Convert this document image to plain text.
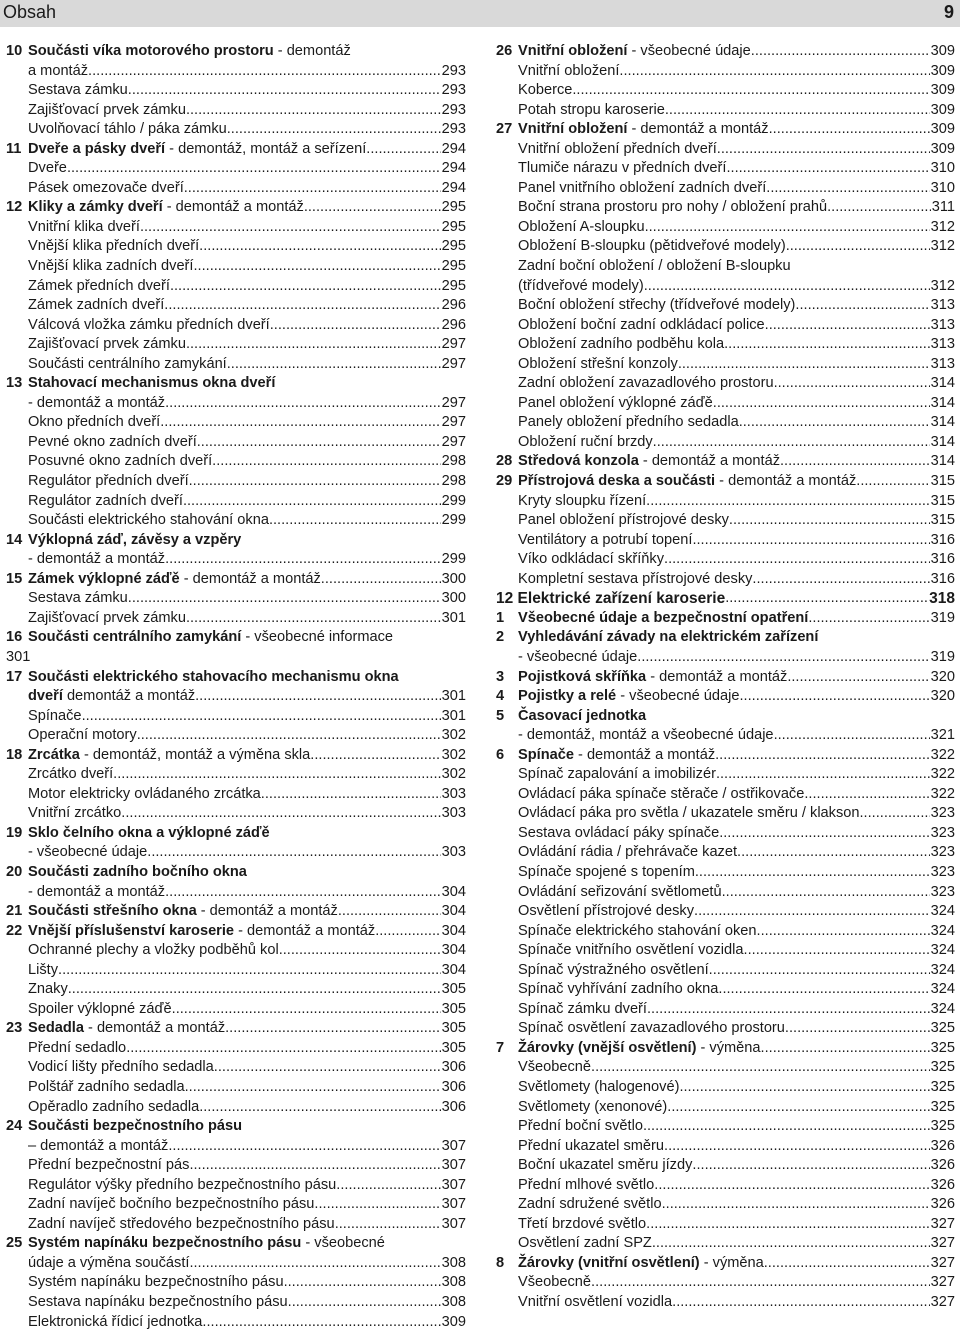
Obsah	9
10 Součásti víka motorového prostoru - demontáž
a montáž .....	293
Sestava zámku .....	293
Zajišťovací prvek zámku .....	293
Uvolňovací táhlo / páka zámku .....	293
11 Dveře a pásky dveří - demontáž, montáž a seřízení .....	294
Dveře .....	294
Pásek omezovače dveří .....	294
12 Kliky a zámky dveří - demontáž a montáž .....	295
Vnitřní klika dveří .....	295
Vnější klika předních dveří .....	295
Vnější klika zadních dveří .....	295
Zámek předních dveří .....	295
Zámek zadních dveří .....	296
Válcová vložka zámku předních dveří .....	296
Zajišťovací prvek zámku .....	297
Součásti centrálního zamykání .....	297
13 Stahovací mechanismus okna dveří
- demontáž a montáž .....	297
Okno předních dveří .....	297
Pevné okno zadních dveří .....	297
Posuvné okno zadních dveří .....	298
Regulátor předních dveří .....	298
Regulátor zadních dveří .....	299
Součásti elektrického stahování okna .....	299
14 Výklopná záď, závěsy a vzpěry
- demontáž a montáž .....	299
15 Zámek výklopné záďě - demontáž a montáž .....	300
Sestava zámku .....	300
Zajišťovací prvek zámku .....	301
16 Součásti centrálního zamykání - všeobecné informace
301
17 Součásti elektrického stahovacího mechanismu okna
dveří demontáž a montáž .....	301
Spínače .....	301
Operační motory .....	302
18 Zrcátka - demontáž, montáž a výměna skla .....	302
Zrcátko dveří .....	302
Motor elektricky ovládaného zrcátka .....	303
Vnitřní zrcátko .....	303
19 Sklo čelního okna a výklopné záďě
- všeobecné údaje .....	303
20 Součásti zadního bočního okna
- demontáž a montáž .....	304
21 Součásti střešního okna - demontáž a montáž .....	304
22 Vnější příslušenství karoserie - demontáž a montáž .....	304
Ochranné plechy a vložky podběhů kol .....	304
Lišty .....	304
Znaky .....	305
Spoiler výklopné záďě .....	305
23 Sedadla - demontáž a montáž .....	305
Přední sedadlo .....	305
Vodicí lišty předního sedadla .....	306
Polštář zadního sedadla .....	306
Opěradlo zadního sedadla .....	306
24 Součásti bezpečnostního pásu
– demontáž a montáž .....	307
Přední bezpečnostní pás .....	307
Regulátor výšky předního bezpečnostního pásu .....	307
Zadní navíječ bočního bezpečnostního pásu .....	307
Zadní navíječ středového bezpečnostního pásu .....	307
25 Systém napínáku bezpečnostního pásu - všeobecné
údaje a výměna součástí .....	308
Systém napínáku bezpečnostního pásu .....	308
Sestava napínáku bezpečnostního pásu .....	308
Elektronická řídicí jednotka .....	309
26 Vnitřní obložení - všeobecné údaje .....	309
Vnitřní obložení .....	309
Koberce .....	309
Potah stropu karoserie .....	309
27 Vnitřní obložení - demontáž a montáž .....	309
Vnitřní obložení předních dveří .....	309
Tlumiče nárazu v předních dveří .....	310
Panel vnitřního obložení zadních dveří .....	310
Boční strana prostoru pro nohy / obložení prahů .....	311
Obložení A-sloupku .....	312
Obložení B-sloupku (pětidveřové modely) .....	312
Zadní boční obložení / obložení B-sloupku
(třídveřové modely) .....	312
Boční obložení střechy (třídveřové modely) .....	313
Obložení boční zadní odkládací police .....	313
Obložení zadního podběhu kola .....	313
Obložení střešní konzoly .....	313
Zadní obložení zavazadlového prostoru .....	314
Panel obložení výklopné záďě .....	314
Panely obložení předního sedadla .....	314
Obložení ruční brzdy .....	314
28 Středová konzola - demontáž a montáž .....	314
29 Přístrojová deska a součásti - demontáž a montáž .....	315
Kryty sloupku řízení .....	315
Panel obložení přístrojové desky .....	315
Ventilátory a potrubí topení .....	316
Víko odkládací skříňky .....	316
Kompletní sestava přístrojové desky .....	316
12 Elektrické zařízení karoserie .....	318
1 Všeobecné údaje a bezpečnostní opatření .....	319
2 Vyhledávání závady na elektrickém zařízení
- všeobecné údaje .....	319
3 Pojistková skříňka - demontáž a montáž .....	320
4 Pojistky a relé - všeobecné údaje .....	320
5 Časovací jednotka
- demontáž, montáž a všeobecné údaje .....	321
6 Spínače - demontáž a montáž .....	322
Spínač zapalování a imobilizér .....	322
Ovládací páka spínače stěrače / ostřikovače .....	322
Ovládací páka pro světla / ukazatele směru / klakson .....	323
Sestava ovládací páky spínače .....	323
Ovládání rádia / přehrávače kazet .....	323
Spínače spojené s topením .....	323
Ovládání seřizování světlometů .....	323
Osvětlení přístrojové desky .....	324
Spínače elektrického stahování oken .....	324
Spínače vnitřního osvětlení vozidla .....	324
Spínač výstražného osvětlení .....	324
Spínač vyhřívání zadního okna .....	324
Spínač zámku dveří .....	324
Spínač osvětlení zavazadlového prostoru .....	325
7 Žárovky (vnější osvětlení) - výměna .....	325
Všeobecně .....	325
Světlomety (halogenové) .....	325
Světlomety (xenonové) .....	325
Přední boční světlo .....	325
Přední ukazatel směru .....	326
Boční ukazatel směru jízdy .....	326
Přední mlhové světlo .....	326
Zadní sdružené světlo .....	326
Třetí brzdové světlo .....	327
Osvětlení zadní SPZ .....	327
8 Žárovky (vnitřní osvětlení) - výměna .....	327
Všeobecně .....	327
Vnitřní osvětlení vozidla .....	327
